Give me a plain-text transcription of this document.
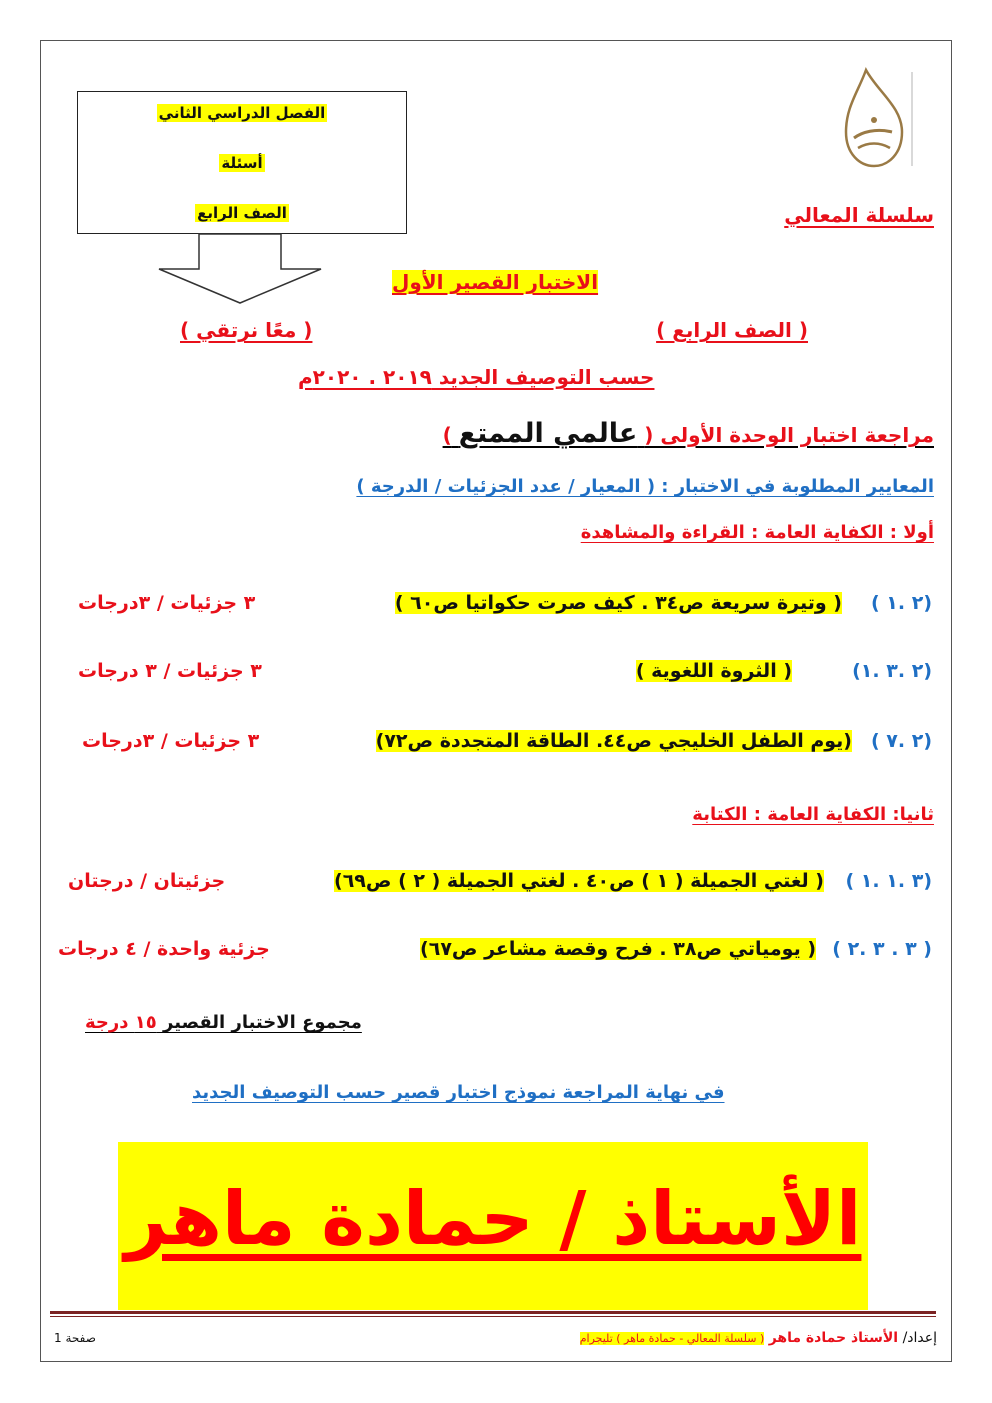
سلسلة المعالي
الفصل الدراسي الثاني
أسئلة
الصف الرابع
الاختبار القصير الأول
( الصف الرابع )
( معًا نرتقي )
حسب التوصيف الجديد ٢٠١٩ . ٢٠٢٠م
مراجعة اختبار الوحدة الأولى ( عالمي الممتع )
المعايير المطلوبة في الاختبار : ( المعيار / عدد الجزئيات / الدرجة )
أولا : الكفاية العامة : القراءة والمشاهدة
(٢ .١ )
( وتيرة سريعة ص٣٤ . كيف صرت حكواتيا ص٦٠ )
٣ جزئيات / ٣درجات
(٢ .٣ .١)
( الثروة اللغوية )
٣ جزئيات / ٣ درجات
(٢ .٧ )
(يوم الطفل الخليجي ص٤٤. الطاقة المتجددة ص٧٢)
٣ جزئيات / ٣درجات
ثانيا: الكفاية العامة : الكتابة
(٣ .١ .١ )
( لغتي الجميلة ( ١ ) ص٤٠ . لغتي الجميلة ( ٢ ) ص٦٩)
جزئيتان / درجتان
( ٣ . ٣ .٢ )
( يومياتي ص٣٨ . فرح وقصة مشاعر ص٦٧)
جزئية واحدة / ٤ درجات
مجموع الاختبار القصير ١٥ درجة
في نهاية المراجعة نموذج اختبار قصير حسب التوصيف الجديد
الأستاذ / حمادة ماهر
إعداد/ الأستاذ حمادة ماهر ( سلسلة المعالي - حمادة ماهر ) تليجرام
صفحة 1
